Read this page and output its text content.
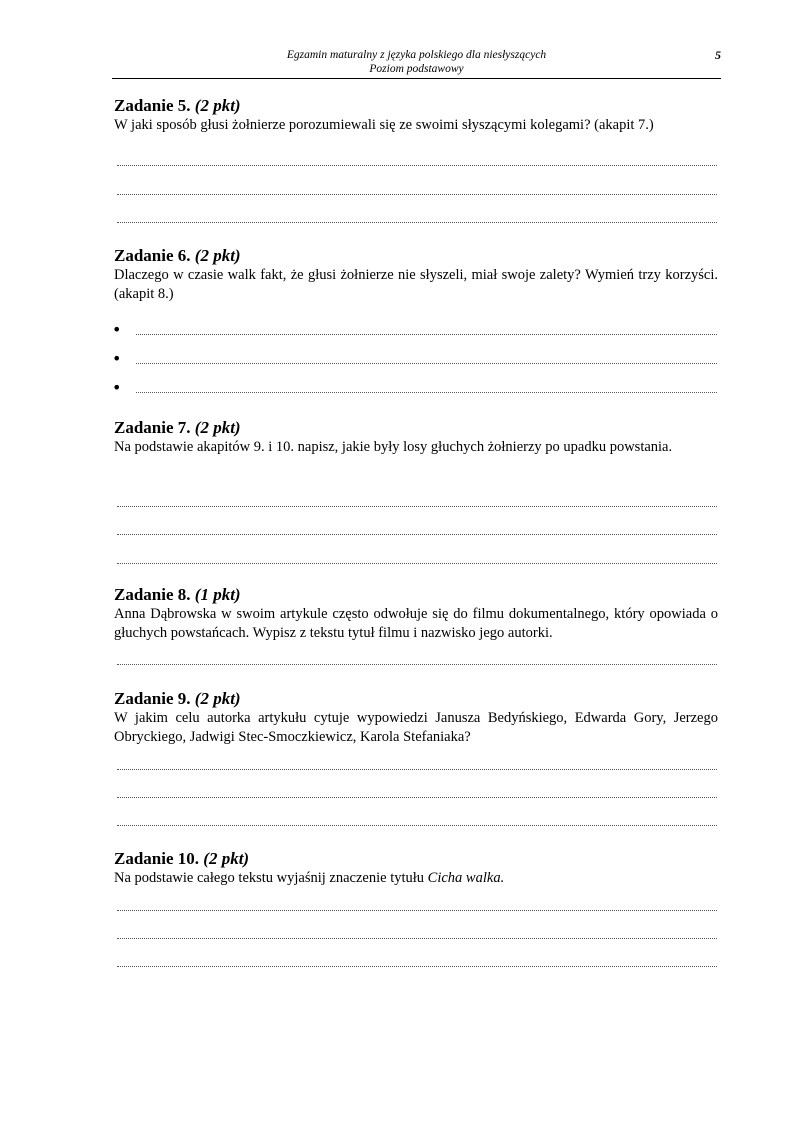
Egzamin maturalny z języka polskiego dla niesłyszących
Poziom podstawowy
5

Zadanie 5. (2 pkt)

W jaki sposób głusi żołnierze porozumiewali się ze swoimi słyszącymi kolegami? (akapit 7.)

Zadanie 6. (2 pkt)

Dlaczego w czasie walk fakt, że głusi żołnierze nie słyszeli, miał swoje zalety? Wymień trzy korzyści. (akapit 8.)

•
•
•

Zadanie 7. (2 pkt)

Na podstawie akapitów 9. i 10. napisz, jakie były losy głuchych żołnierzy po upadku powstania.

Zadanie 8. (1 pkt)

Anna Dąbrowska w swoim artykule często odwołuje się do filmu dokumentalnego, który opowiada o głuchych powstańcach. Wypisz z tekstu tytuł filmu i nazwisko jego autorki.

Zadanie 9. (2 pkt)

W jakim celu autorka artykułu cytuje wypowiedzi Janusza Bedyńskiego, Edwarda Gory, Jerzego Obryckiego, Jadwigi Stec-Smoczkiewicz, Karola Stefaniaka?

Zadanie 10. (2 pkt)

Na podstawie całego tekstu wyjaśnij znaczenie tytułu Cicha walka.
